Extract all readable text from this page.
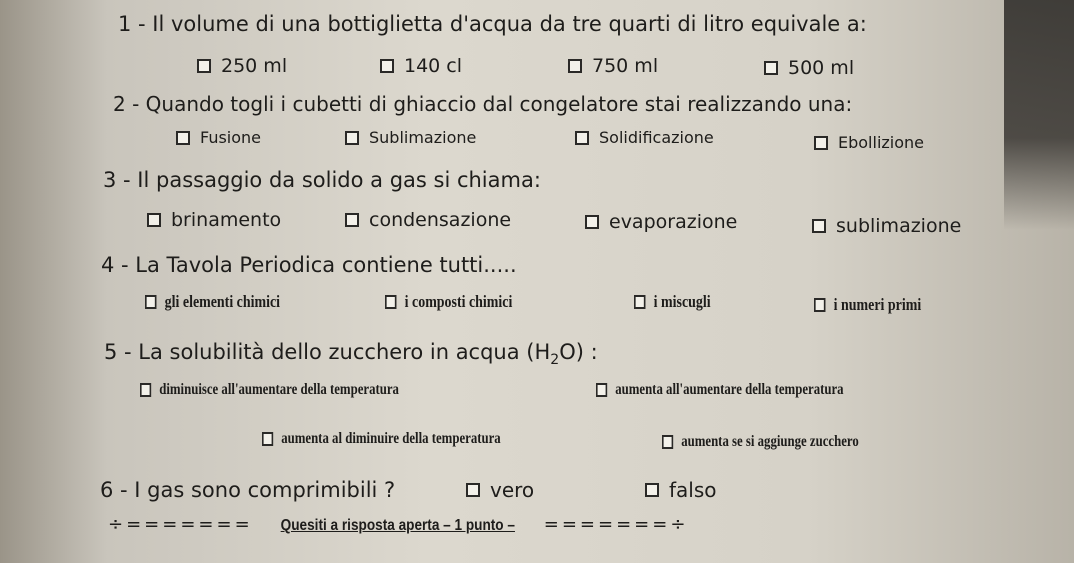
1 - Il volume di una bottiglietta d'acqua da tre quarti di litro equivale a:
250 ml	140 cl	750 ml	500 ml
2 - Quando togli i cubetti di ghiaccio dal congelatore stai realizzando una:
Fusione	Sublimazione	Solidificazione	Ebollizione
3 - Il passaggio da solido a gas si chiama:
brinamento	condensazione	evaporazione	sublimazione
4 - La Tavola Periodica contiene tutti.....
gli elementi chimici	i composti chimici	i miscugli	i numeri primi
5 - La solubilità dello zucchero in acqua $(H_2O)$ :
diminuisce all'aumentare della temperatura	aumenta all'aumentare della temperatura
aumenta al diminuire della temperatura	aumenta se si aggiunge zucchero
6 - I gas sono comprimibili ?	vero	falso
÷======= Quesiti a risposta aperta – 1 punto – =======÷
